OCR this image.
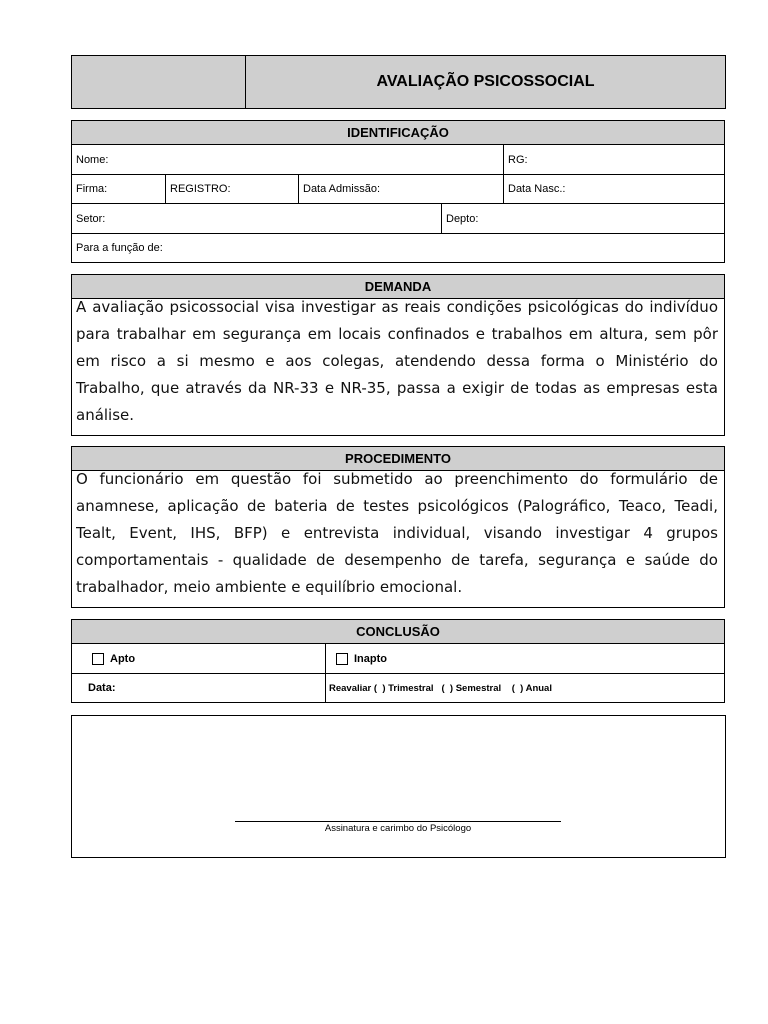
AVALIAÇÃO PSICOSSOCIAL
IDENTIFICAÇÃO
Nome:	RG:
Firma:	REGISTRO:	Data Admissão:	Data Nasc.:
Setor:	Depto:
Para a função de:
DEMANDA
A avaliação psicossocial visa investigar as reais condições psicológicas do indivíduo
para trabalhar em segurança em locais confinados e trabalhos em altura, sem pôr
em risco a si mesmo e aos colegas, atendendo dessa forma o Ministério do
Trabalho, que através da NR-33 e NR-35, passa a exigir de todas as empresas esta
análise.
PROCEDIMENTO
O funcionário em questão foi submetido ao preenchimento do formulário de
anamnese, aplicação de bateria de testes psicológicos (Palográfico, Teaco, Teadi,
Tealt, Event, IHS, BFP) e entrevista individual, visando investigar 4 grupos
comportamentais - qualidade de desempenho de tarefa, segurança e saúde do
trabalhador, meio ambiente e equilíbrio emocional.
CONCLUSÃO
Apto	Inapto
Data:	Reavaliar (  ) Trimestral   (  ) Semestral    (  ) Anual
Assinatura e carimbo do Psicólogo
